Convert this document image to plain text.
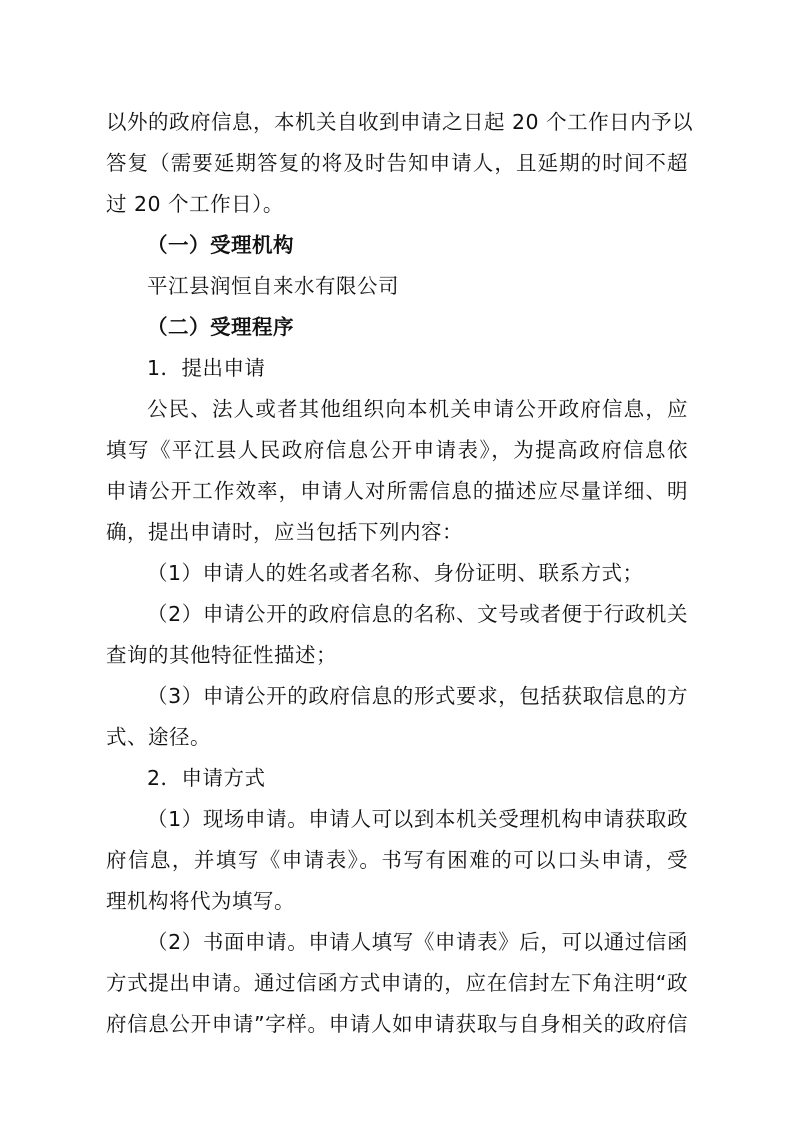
以外的政府信息，本机关自收到申请之日起 20 个工作日内予以
答复（需要延期答复的将及时告知申请人，且延期的时间不超
过 20 个工作日）。
（一）受理机构
平江县润恒自来水有限公司
（二）受理程序
1．提出申请
公民、法人或者其他组织向本机关申请公开政府信息，应
填写《平江县人民政府信息公开申请表》，为提高政府信息依
申请公开工作效率，申请人对所需信息的描述应尽量详细、明
确，提出申请时，应当包括下列内容：
（1）申请人的姓名或者名称、身份证明、联系方式；
（2）申请公开的政府信息的名称、文号或者便于行政机关
查询的其他特征性描述；
（3）申请公开的政府信息的形式要求，包括获取信息的方
式、途径。
2．申请方式
（1）现场申请。申请人可以到本机关受理机构申请获取政
府信息，并填写《申请表》。书写有困难的可以口头申请，受
理机构将代为填写。
（2）书面申请。申请人填写《申请表》后，可以通过信函
方式提出申请。通过信函方式申请的，应在信封左下角注明“政
府信息公开申请”字样。申请人如申请获取与自身相关的政府信
